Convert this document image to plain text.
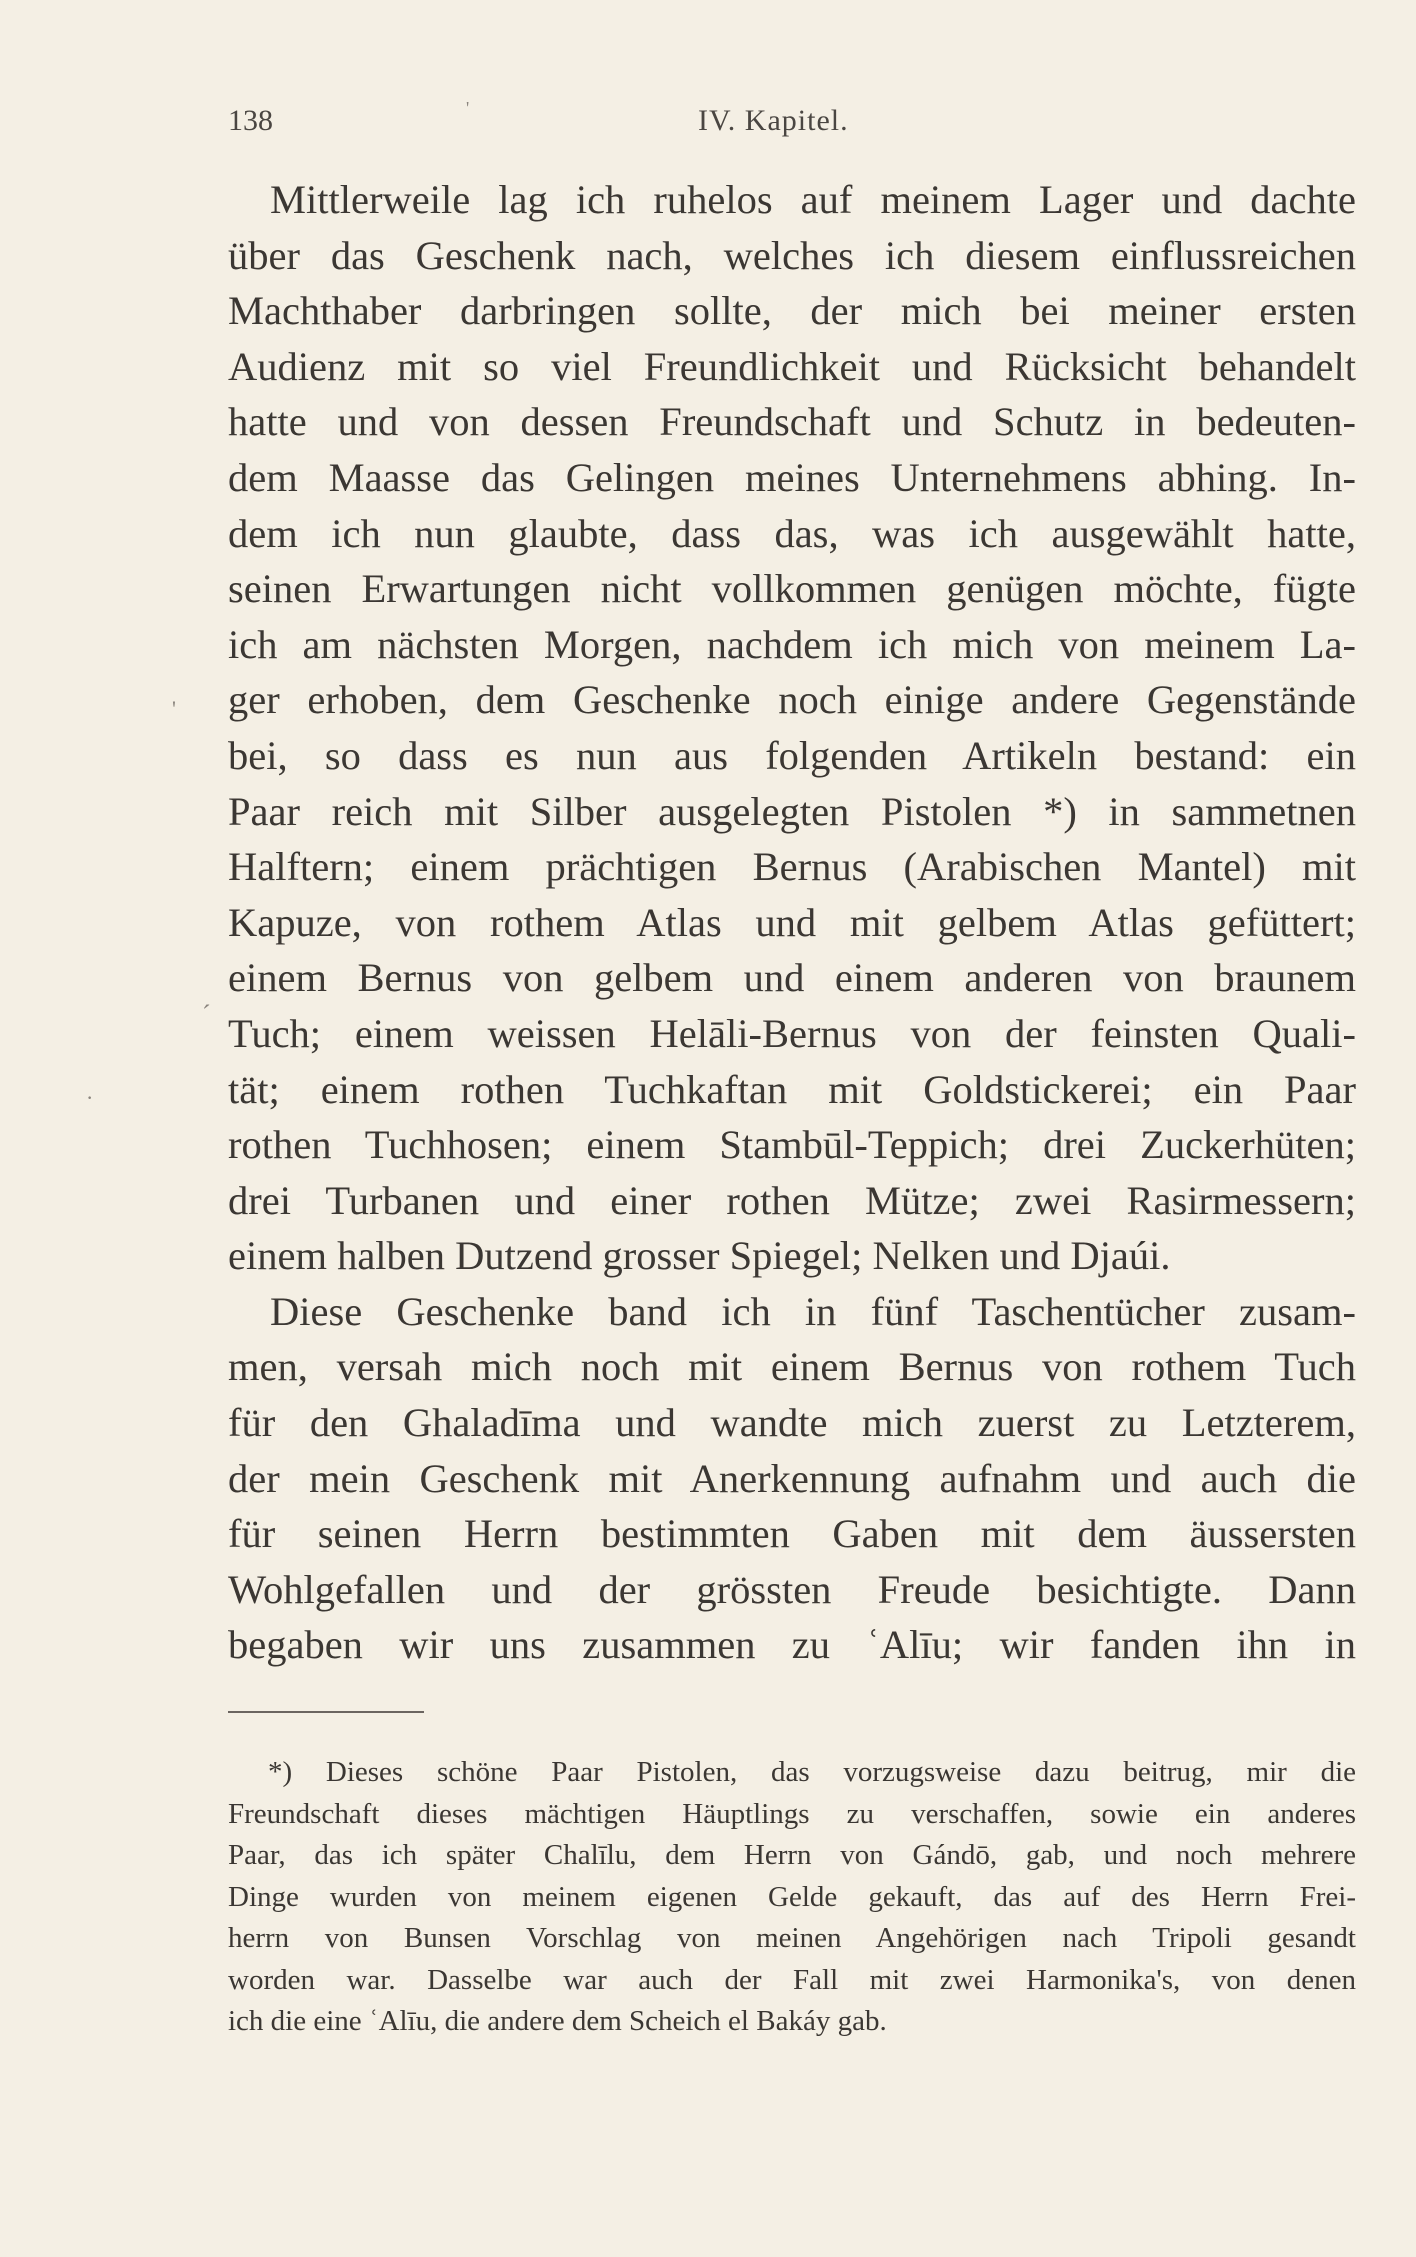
138	IV. Kapitel.
'
'
´
·
Mittlerweile lag ich ruhelos auf meinem Lager und dachte
über das Geschenk nach, welches ich diesem einflussreichen
Machthaber darbringen sollte, der mich bei meiner ersten
Audienz mit so viel Freundlichkeit und Rücksicht behandelt
hatte und von dessen Freundschaft und Schutz in bedeuten-
dem Maasse das Gelingen meines Unternehmens abhing. In-
dem ich nun glaubte, dass das, was ich ausgewählt hatte,
seinen Erwartungen nicht vollkommen genügen möchte, fügte
ich am nächsten Morgen, nachdem ich mich von meinem La-
ger erhoben, dem Geschenke noch einige andere Gegenstände
bei, so dass es nun aus folgenden Artikeln bestand: ein
Paar reich mit Silber ausgelegten Pistolen *) in sammetnen
Halftern; einem prächtigen Bernus (Arabischen Mantel) mit
Kapuze, von rothem Atlas und mit gelbem Atlas gefüttert;
einem Bernus von gelbem und einem anderen von braunem
Tuch; einem weissen Helāli-Bernus von der feinsten Quali-
tät; einem rothen Tuchkaftan mit Goldstickerei; ein Paar
rothen Tuchhosen; einem Stambūl-Teppich; drei Zuckerhüten;
drei Turbanen und einer rothen Mütze; zwei Rasirmessern;
einem halben Dutzend grosser Spiegel; Nelken und Djaúi.
Diese Geschenke band ich in fünf Taschentücher zusam-
men, versah mich noch mit einem Bernus von rothem Tuch
für den Ghaladīma und wandte mich zuerst zu Letzterem,
der mein Geschenk mit Anerkennung aufnahm und auch die
für seinen Herrn bestimmten Gaben mit dem äussersten
Wohlgefallen und der grössten Freude besichtigte. Dann
begaben wir uns zusammen zu ʿAlīu; wir fanden ihn in
*) Dieses schöne Paar Pistolen, das vorzugsweise dazu beitrug, mir die
Freundschaft dieses mächtigen Häuptlings zu verschaffen, sowie ein anderes
Paar, das ich später Chalīlu, dem Herrn von Gándō, gab, und noch mehrere
Dinge wurden von meinem eigenen Gelde gekauft, das auf des Herrn Frei-
herrn von Bunsen Vorschlag von meinen Angehörigen nach Tripoli gesandt
worden war. Dasselbe war auch der Fall mit zwei Harmonika's, von denen
ich die eine ʿAlīu, die andere dem Scheich el Bakáy gab.
